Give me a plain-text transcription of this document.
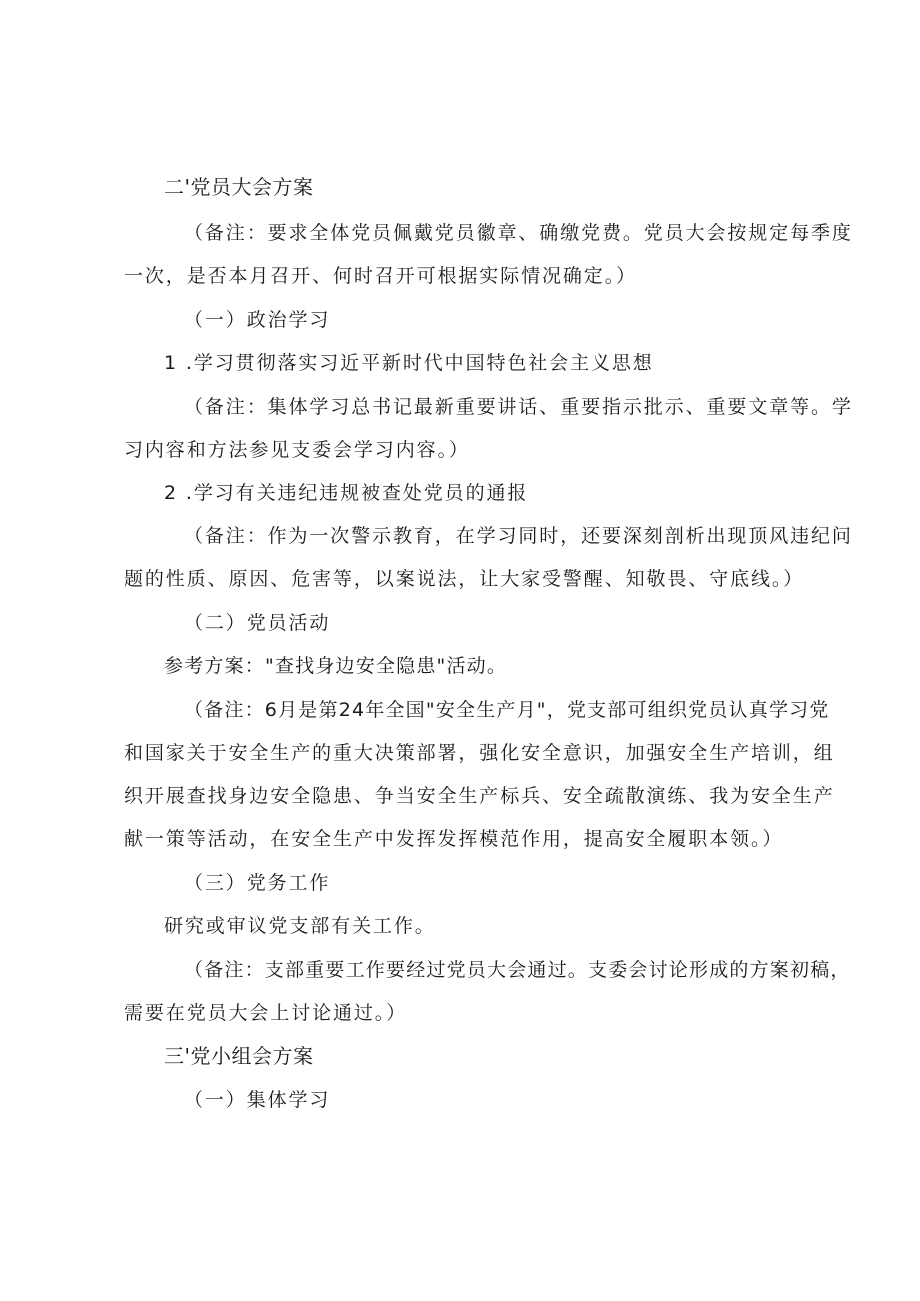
二'党员大会方案
（备注：要求全体党员佩戴党员徽章、确缴党费。党员大会按规定每季度
一次，是否本月召开、何时召开可根据实际情况确定。）
（一）政治学习
1 .学习贯彻落实习近平新时代中国特色社会主义思想
（备注：集体学习总书记最新重要讲话、重要指示批示、重要文章等。学
习内容和方法参见支委会学习内容。）
2 .学习有关违纪违规被查处党员的通报
（备注：作为一次警示教育，在学习同时，还要深刻剖析出现顶风违纪问
题的性质、原因、危害等，以案说法，让大家受警醒、知敬畏、守底线。）
（二）党员活动
参考方案："查找身边安全隐患"活动。
（备注：6月是第24年全国"安全生产月"，党支部可组织党员认真学习党
和国家关于安全生产的重大决策部署，强化安全意识，加强安全生产培训，组
织开展查找身边安全隐患、争当安全生产标兵、安全疏散演练、我为安全生产
献一策等活动，在安全生产中发挥发挥模范作用，提高安全履职本领。）
（三）党务工作
研究或审议党支部有关工作。
（备注：支部重要工作要经过党员大会通过。支委会讨论形成的方案初稿，
需要在党员大会上讨论通过。）
三'党小组会方案
（一）集体学习
